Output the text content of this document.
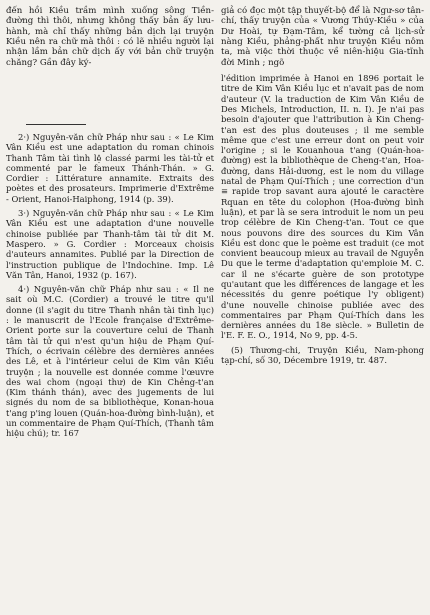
đến hồi Kiều trầm mình xuống sông Tiền-đường thì thôi, nhưng không thấy bản ấy lưu-hành, mà chỉ thấy những bản dịch lại truyện Kiều nên ra chữ mà thôi : có lẽ nhiều người lại nhận lầm bản chữ dịch ấy với bản chữ truyện chăng? Gần đây ký-

2·) Nguyên-văn chữ Pháp như sau : « Le Kim Vân Kiều est une adaptation du roman chinois Thanh Tâm tài tình lệ classé parmi les tài-tử et commenté par le fameux Thánh-Thán. » G. Cordier : Littérature annamite. Extraits des poètes et des prosateurs. Imprimerie d'Extrême - Orient, Hanoi-Haiphong, 1914 (p. 39).

3·) Nguyên-văn chữ Pháp như sau : « Le Kim Vân Kiều est une adaptation d'une nouvelle chinoise publiée par Thanh-tâm tài tử dit M. Maspero. » G. Cordier : Morceaux choisis d'auteurs annamites. Publié par la Direction de l'instruction publique de l'Indochine. Imp. Lê Văn Tân, Hanoi, 1932 (p. 167).

4·) Nguyên-văn chữ Pháp như sau : « Il ne sait où M.C. (Cordier) a trouvé le titre qu'il donne (il s'agit du titre Thanh nhân tài tình lục) : le manuscrit de l'Ecole française d'Extrême-Orient porte sur la couverture celui de Thanh tâm tài tử qui n'est qu'un hiệu de Phạm Quí-Thích, o écrivain célèbre des dernières années des Lê, et à l'intérieur celui de Kim vân Kiều truyện ; la nouvelle est donnée comme l'œuvre des wai chom (ngoại thư) de Kin Chẻng-t'an (Kim thánh thán), avec des jugements de lui signés du nom de sa bibliothèque, Konan-houa t'ang p'ing louen (Quán-hoa-đường bình-luận), et un commentaire de Phạm Quí-Thích, (Thanh tâm hiệu chú); tr. 167

giả có đọc một tập thuyết-bộ để là Ngư-sơ tân-chí, thấy truyện của « Vương Thúy-Kiều » của Dư Hoài, tự Đạm-Tâm, kể tường cả lịch-sử nàng Kiều, phảng-phất như truyện Kiều nôm ta, mà việc thời thuộc về niên-hiệu Gia-tĩnh đời Minh ; ngõ

l'édition imprimée à Hanoi en 1896 portait le titre de Kim Vân Kiều lục et n'avait pas de nom d'auteur (V. la traduction de Kim Vân Kiều de Des Michels, Introduction, II. n. I). Je n'ai pas besoin d'ajouter que l'attribution à Kin Cheng-t'an est des plus douteuses ; il me semble même que c'est une erreur dont on peut voir l'origine ; si le Kouanhoua t'ang (Quán-hoa-đường) est la bibliothèque de Cheng-t'an, Hoa-đường, dans Hải-dương, est le nom du village natal de Phạm Quí-Thích ; une correction d'un ≡ rapide trop savant aura ajouté le caractère Rquan en tête du colophon (Hoa-đường bình luận), et par là se sera introduit le nom un peu trop célèbre de Kin Cheng-t'an. Tout ce que nous pouvons dire des sources du Kim Vân Kiều est donc que le poème est traduit (ce mot convient beaucoup mieux au travail de Nguyễn Du que le terme d'adaptation qu'emploie M. C. car il ne s'écarte guère de son prototype qu'autant que les différences de langage et les nécessités du genre poétique l'y obligent) d'une nouvelle chinoise publiée avec des commentaires par Phạm Quí-Thích dans les dernières années du 18e siècle. » Bulletin de l'E. F. E. O., 1914, No 9, pp. 4-5.

(5) Thương-chi, Truyện Kiều, Nam-phong tạp-chí, số 30, Décembre 1919, tr. 487.
